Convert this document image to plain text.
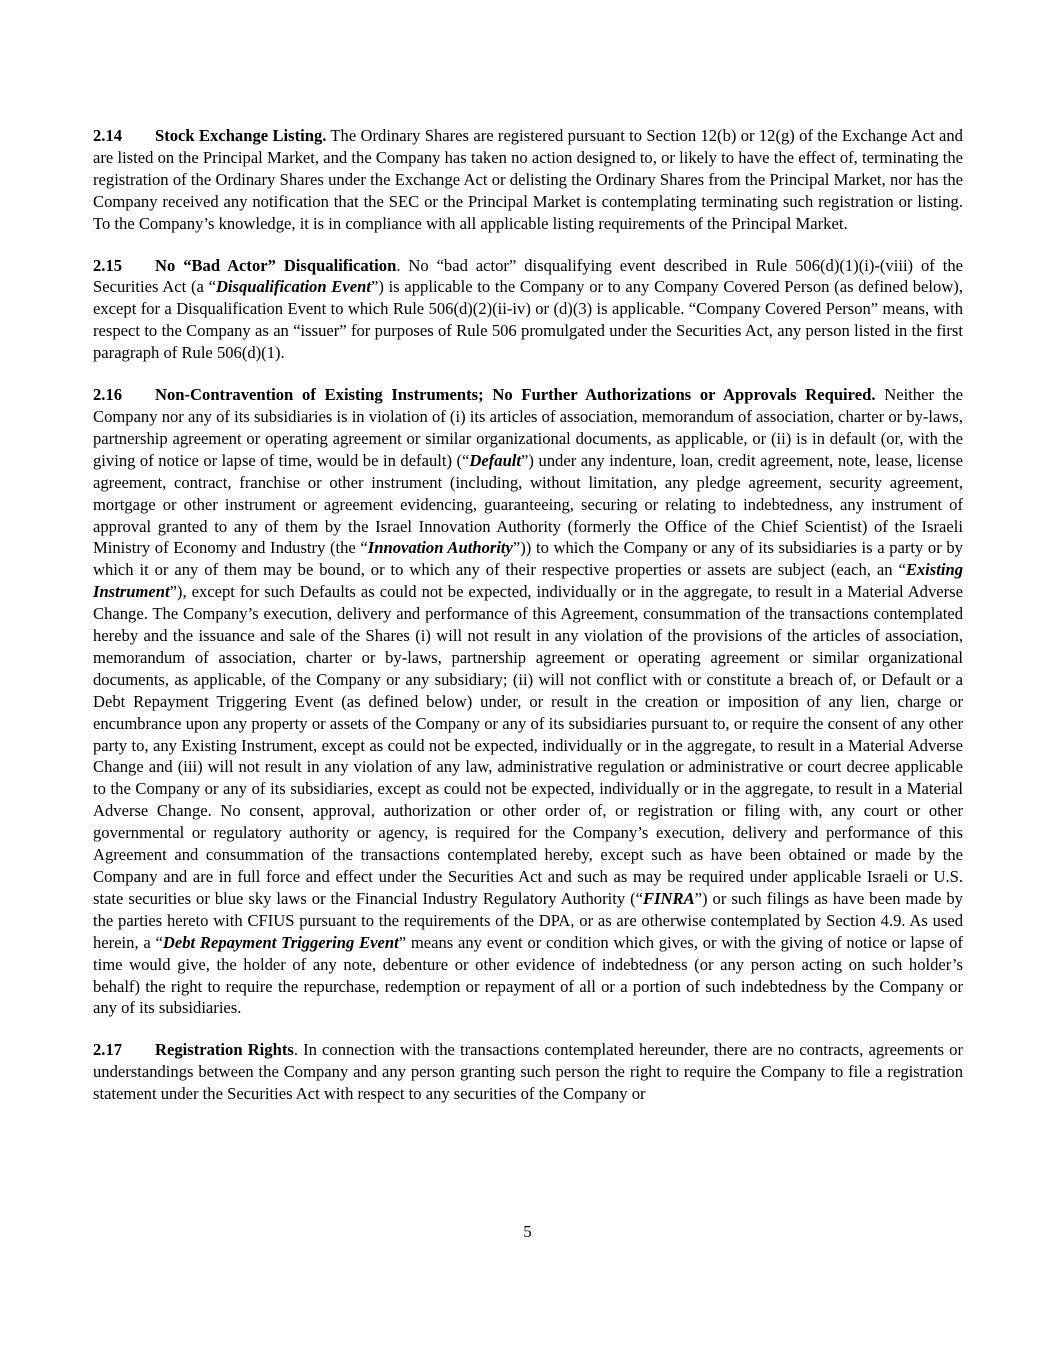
2.14 Stock Exchange Listing. The Ordinary Shares are registered pursuant to Section 12(b) or 12(g) of the Exchange Act and are listed on the Principal Market, and the Company has taken no action designed to, or likely to have the effect of, terminating the registration of the Ordinary Shares under the Exchange Act or delisting the Ordinary Shares from the Principal Market, nor has the Company received any notification that the SEC or the Principal Market is contemplating terminating such registration or listing. To the Company’s knowledge, it is in compliance with all applicable listing requirements of the Principal Market.

2.15 No “Bad Actor” Disqualification. No “bad actor” disqualifying event described in Rule 506(d)(1)(i)-(viii) of the Securities Act (a “Disqualification Event”) is applicable to the Company or to any Company Covered Person (as defined below), except for a Disqualification Event to which Rule 506(d)(2)(ii-iv) or (d)(3) is applicable. “Company Covered Person” means, with respect to the Company as an “issuer” for purposes of Rule 506 promulgated under the Securities Act, any person listed in the first paragraph of Rule 506(d)(1).

2.16 Non-Contravention of Existing Instruments; No Further Authorizations or Approvals Required. Neither the Company nor any of its subsidiaries is in violation of (i) its articles of association, memorandum of association, charter or by-laws, partnership agreement or operating agreement or similar organizational documents, as applicable, or (ii) is in default (or, with the giving of notice or lapse of time, would be in default) (“Default”) under any indenture, loan, credit agreement, note, lease, license agreement, contract, franchise or other instrument (including, without limitation, any pledge agreement, security agreement, mortgage or other instrument or agreement evidencing, guaranteeing, securing or relating to indebtedness, any instrument of approval granted to any of them by the Israel Innovation Authority (formerly the Office of the Chief Scientist) of the Israeli Ministry of Economy and Industry (the “Innovation Authority”)) to which the Company or any of its subsidiaries is a party or by which it or any of them may be bound, or to which any of their respective properties or assets are subject (each, an “Existing Instrument”), except for such Defaults as could not be expected, individually or in the aggregate, to result in a Material Adverse Change. The Company’s execution, delivery and performance of this Agreement, consummation of the transactions contemplated hereby and the issuance and sale of the Shares (i) will not result in any violation of the provisions of the articles of association, memorandum of association, charter or by-laws, partnership agreement or operating agreement or similar organizational documents, as applicable, of the Company or any subsidiary; (ii) will not conflict with or constitute a breach of, or Default or a Debt Repayment Triggering Event (as defined below) under, or result in the creation or imposition of any lien, charge or encumbrance upon any property or assets of the Company or any of its subsidiaries pursuant to, or require the consent of any other party to, any Existing Instrument, except as could not be expected, individually or in the aggregate, to result in a Material Adverse Change and (iii) will not result in any violation of any law, administrative regulation or administrative or court decree applicable to the Company or any of its subsidiaries, except as could not be expected, individually or in the aggregate, to result in a Material Adverse Change. No consent, approval, authorization or other order of, or registration or filing with, any court or other governmental or regulatory authority or agency, is required for the Company’s execution, delivery and performance of this Agreement and consummation of the transactions contemplated hereby, except such as have been obtained or made by the Company and are in full force and effect under the Securities Act and such as may be required under applicable Israeli or U.S. state securities or blue sky laws or the Financial Industry Regulatory Authority (“FINRA”) or such filings as have been made by the parties hereto with CFIUS pursuant to the requirements of the DPA, or as are otherwise contemplated by Section 4.9. As used herein, a “Debt Repayment Triggering Event” means any event or condition which gives, or with the giving of notice or lapse of time would give, the holder of any note, debenture or other evidence of indebtedness (or any person acting on such holder’s behalf) the right to require the repurchase, redemption or repayment of all or a portion of such indebtedness by the Company or any of its subsidiaries.

2.17 Registration Rights. In connection with the transactions contemplated hereunder, there are no contracts, agreements or understandings between the Company and any person granting such person the right to require the Company to file a registration statement under the Securities Act with respect to any securities of the Company or

5
